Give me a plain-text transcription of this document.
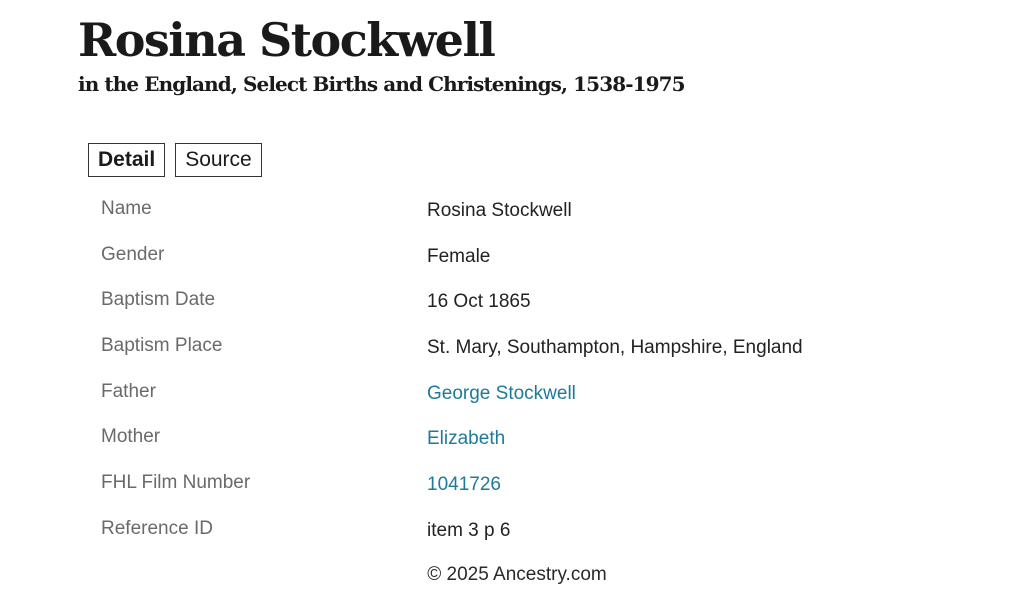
Rosina Stockwell
in the England, Select Births and Christenings, 1538-1975
Detail	Source
Name	Rosina Stockwell
Gender	Female
Baptism Date	16 Oct 1865
Baptism Place	St. Mary, Southampton, Hampshire, England
Father	George Stockwell
Mother	Elizabeth
FHL Film Number	1041726
Reference ID	item 3 p 6
© 2025 Ancestry.com
